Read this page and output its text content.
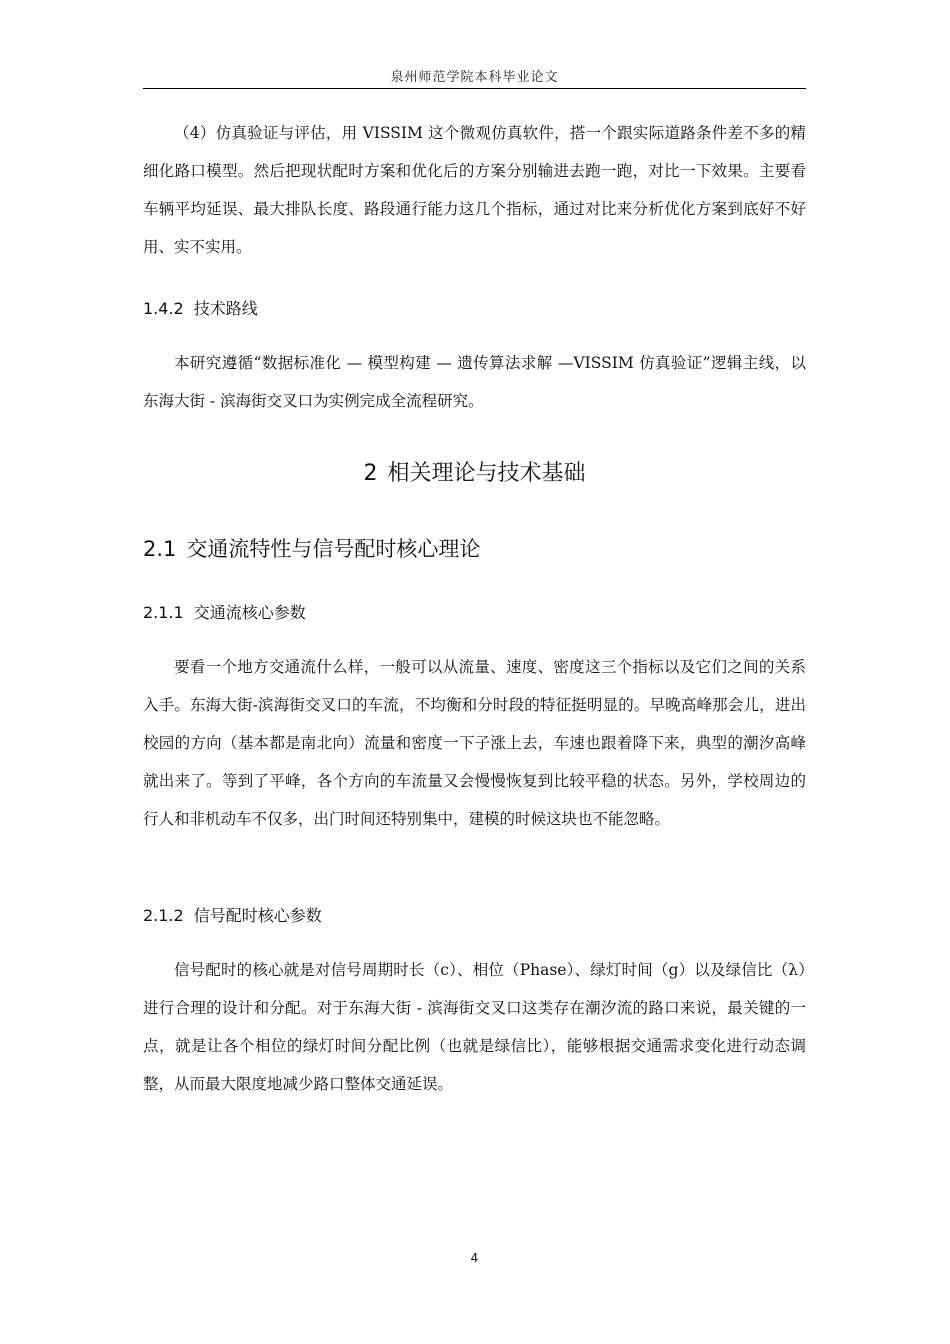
泉州师范学院本科毕业论文

（4）仿真验证与评估，用 VISSIM 这个微观仿真软件，搭一个跟实际道路条件差不多的精细化路口模型。然后把现状配时方案和优化后的方案分别输进去跑一跑，对比一下效果。主要看车辆平均延误、最大排队长度、路段通行能力这几个指标，通过对比来分析优化方案到底好不好用、实不实用。

1.4.2 技术路线

本研究遵循“数据标准化 — 模型构建 — 遗传算法求解 —VISSIM 仿真验证”逻辑主线，以东海大街 - 滨海街交叉口为实例完成全流程研究。

2 相关理论与技术基础
2.1 交通流特性与信号配时核心理论
2.1.1 交通流核心参数

要看一个地方交通流什么样，一般可以从流量、速度、密度这三个指标以及它们之间的关系入手。东海大街-滨海街交叉口的车流，不均衡和分时段的特征挺明显的。早晚高峰那会儿，进出校园的方向（基本都是南北向）流量和密度一下子涨上去，车速也跟着降下来，典型的潮汐高峰就出来了。等到了平峰，各个方向的车流量又会慢慢恢复到比较平稳的状态。另外，学校周边的行人和非机动车不仅多，出门时间还特别集中，建模的时候这块也不能忽略。

2.1.2 信号配时核心参数

信号配时的核心就是对信号周期时长（c）、相位（Phase）、绿灯时间（g）以及绿信比（λ）进行合理的设计和分配。对于东海大街 - 滨海街交叉口这类存在潮汐流的路口来说，最关键的一点，就是让各个相位的绿灯时间分配比例（也就是绿信比），能够根据交通需求变化进行动态调整，从而最大限度地减少路口整体交通延误。

4
